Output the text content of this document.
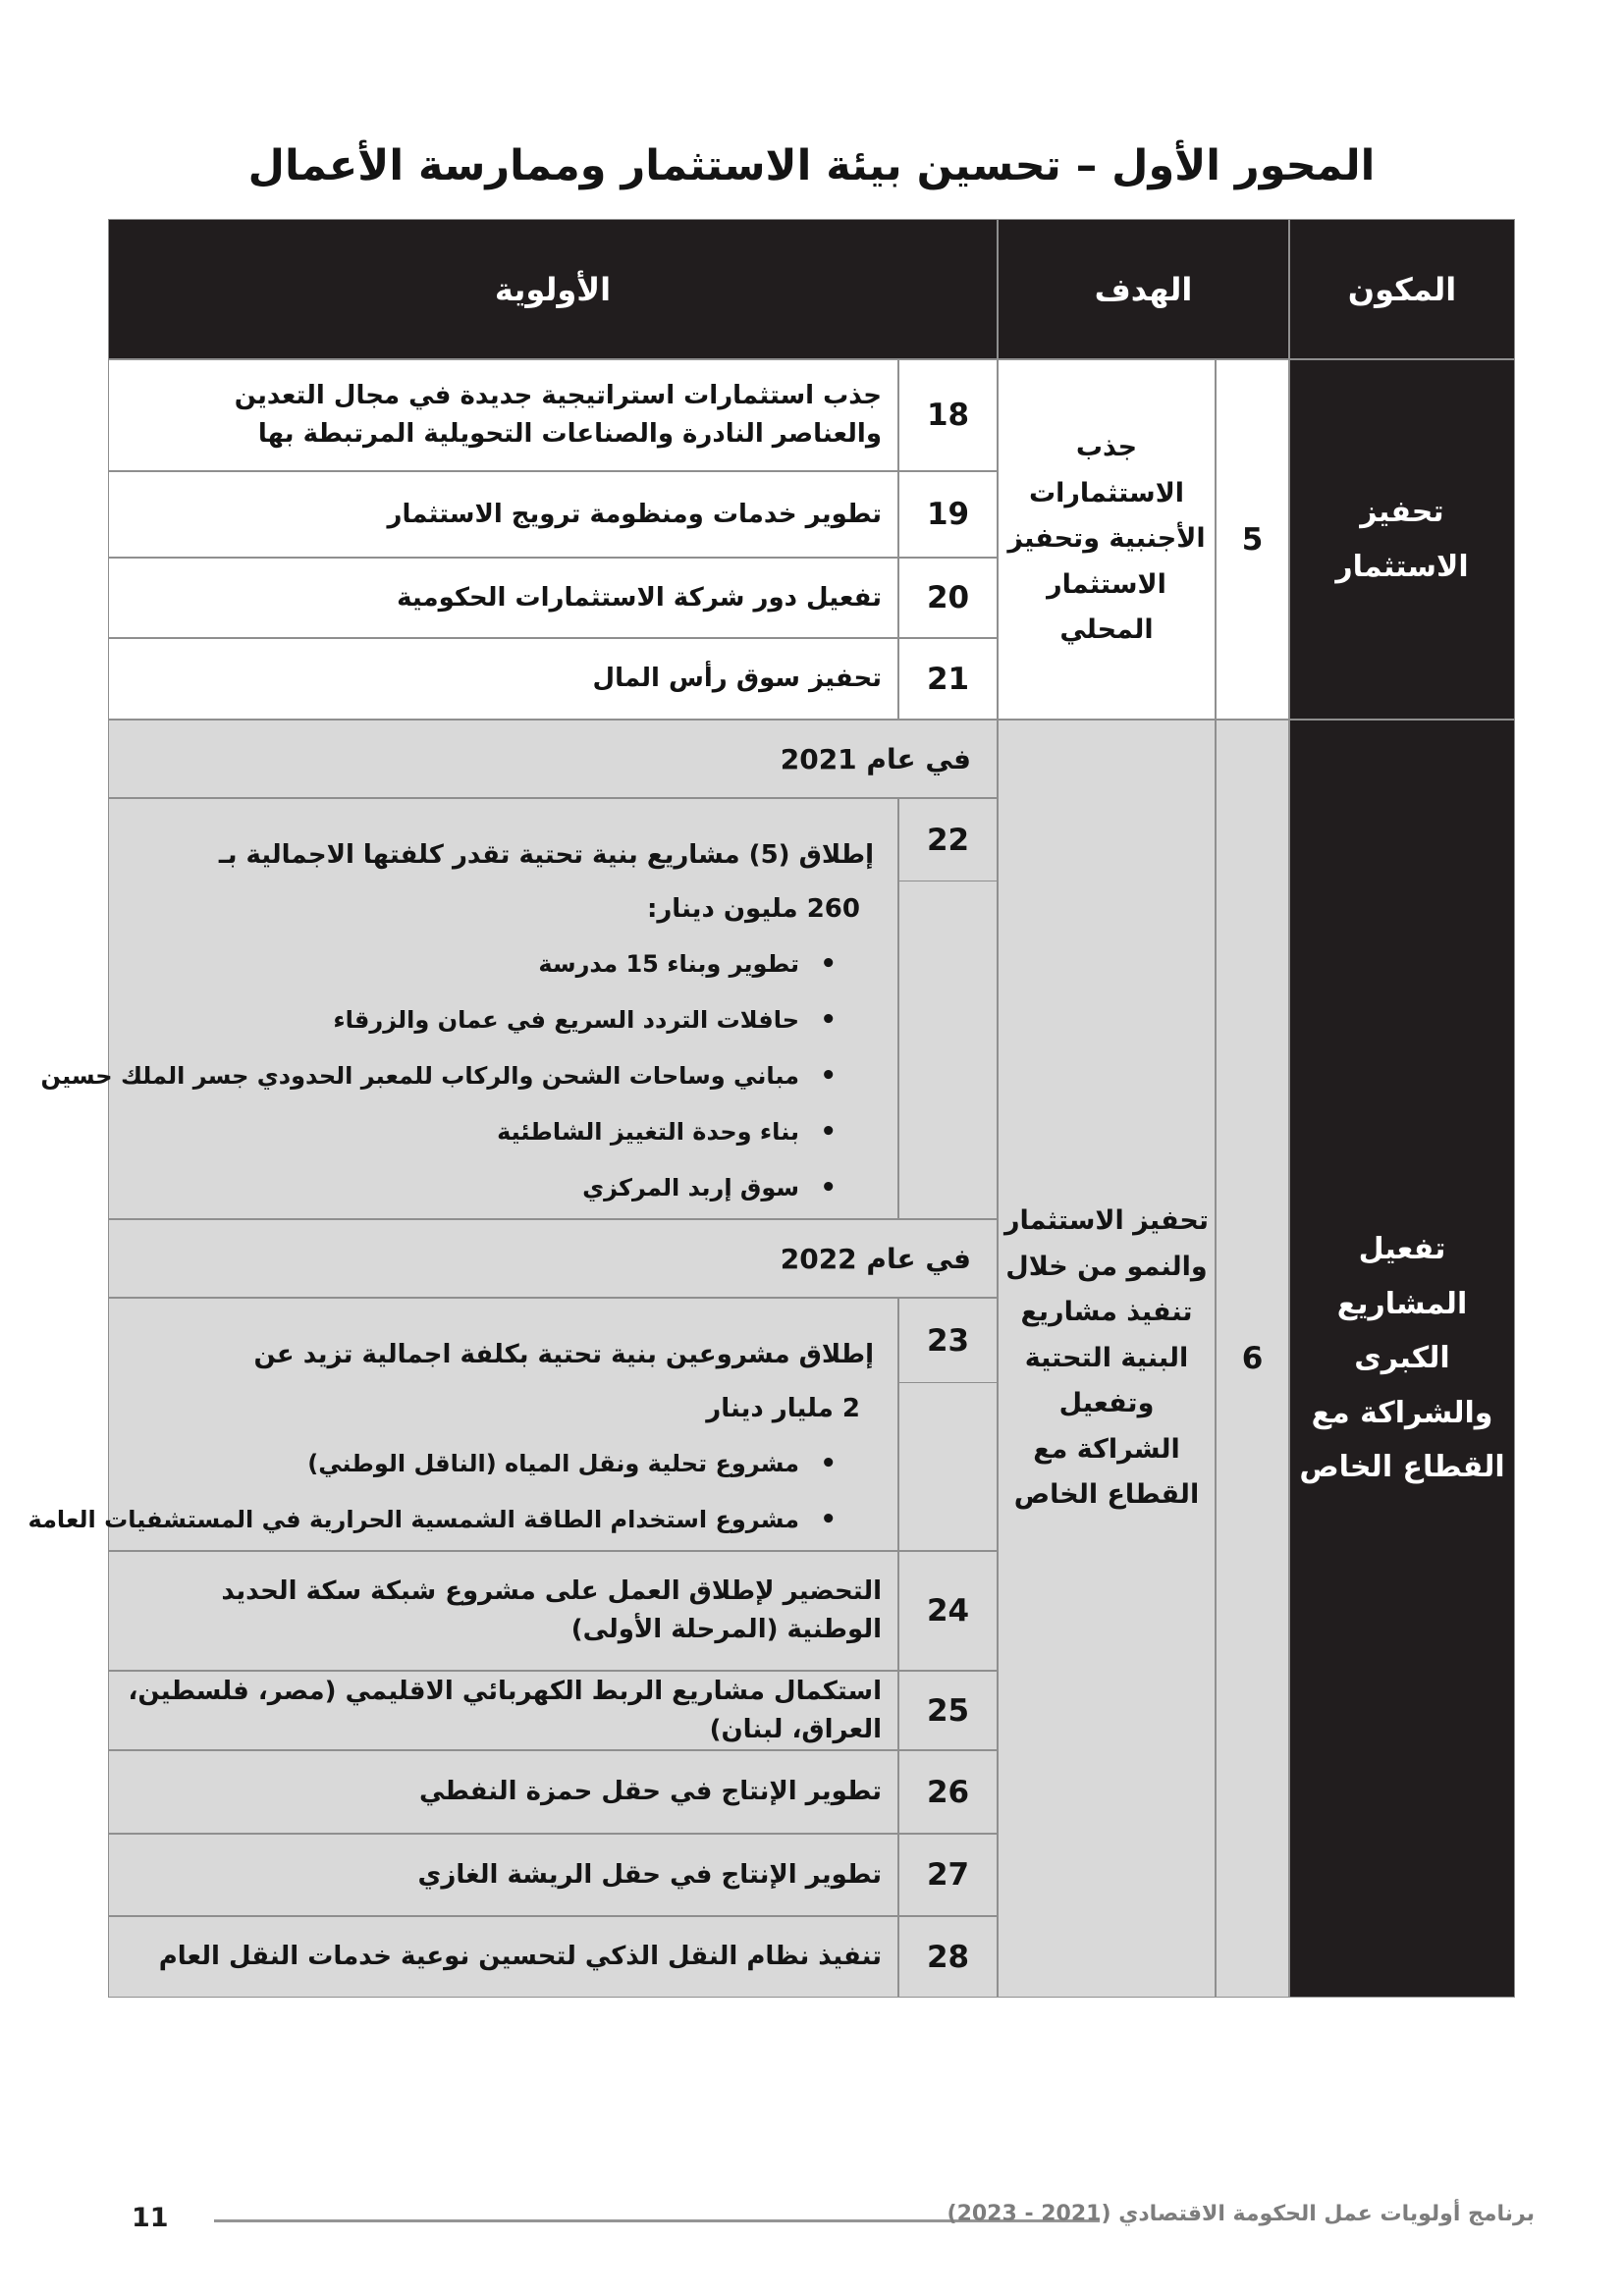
المحور الأول – تحسين بيئة الاستثمار وممارسة الأعمال
الأولوية	الهدف	المكون
تحفيز الاستثمار
5
جذب الاستثمارات الأجنبية وتحفيز الاستثمار المحلي
جذب استثمارات استراتيجية جديدة في مجال التعدين والعناصر النادرة والصناعات التحويلية المرتبطة بها
18
تطوير خدمات ومنظومة ترويج الاستثمار 19
تفعيل دور شركة الاستثمارات الحكومية 20
تحفيز سوق رأس المال 21
تفعيل المشاريع الكبرى والشراكة مع القطاع الخاص
6
تحفيز الاستثمار والنمو من خلال تنفيذ مشاريع البنية التحتية وتفعيل الشراكة مع القطاع الخاص
في عام 2021
إطلاق (5) مشاريع بنية تحتية تقدر كلفتها الاجمالية بـ
260 مليون دينار:
• تطوير وبناء 15 مدرسة
• حافلات التردد السريع في عمان والزرقاء
• مباني وساحات الشحن والركاب للمعبر الحدودي جسر الملك حسين
• بناء وحدة التغييز الشاطئية
• سوق إربد المركزي
22
في عام 2022
إطلاق مشروعين بنية تحتية بكلفة اجمالية تزيد عن
2 مليار دينار
• مشروع تحلية ونقل المياه (الناقل الوطني)
• مشروع استخدام الطاقة الشمسية الحرارية في المستشفيات العامة
23
التحضير لإطلاق العمل على مشروع شبكة سكة الحديد الوطنية (المرحلة الأولى)
24
استكمال مشاريع الربط الكهربائي الاقليمي (مصر، فلسطين، العراق، لبنان)
25
تطوير الإنتاج في حقل حمزة النفطي 26
تطوير الإنتاج في حقل الريشة الغازي 27
تنفيذ نظام النقل الذكي لتحسين نوعية خدمات النقل العام 28
برنامج أولويات عمل الحكومة الاقتصادي (2021 - 2023)
11
